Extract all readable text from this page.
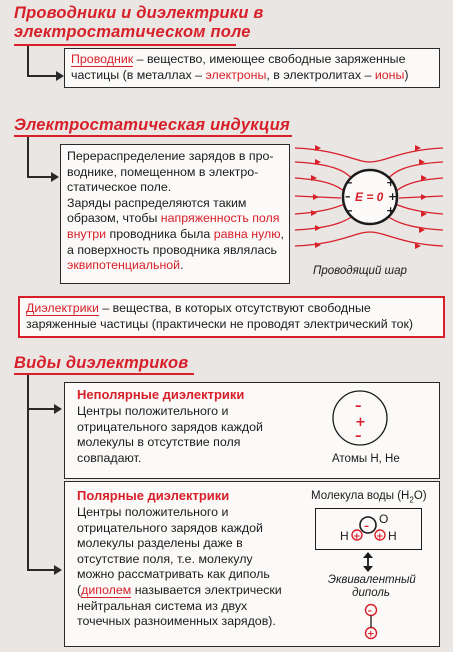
Проводники и диэлектрики в
электростатическом поле
Проводник – вещество, имеющее свободные заряженные
частицы (в металлах – электроны, в электролитах – ионы)
Электростатическая индукция
Перераспределение зарядов в про-
воднике, помещенном в электро-
статическое поле.
Заряды распределяются таким
образом, чтобы напряженность поля
внутри проводника была равна нулю,
а поверхность проводника являлась
эквипотенциальной.
–
–
–
+
+
+
E = 0
Проводящий шар
Диэлектрики – вещества, в которых отсутствуют свободные
заряженные частицы (практически не проводят электрический ток)
Виды диэлектриков
Неполярные диэлектрики
Центры положительного и
отрицательного зарядов каждой
молекулы в отсутствие поля
совпадают.
–
+
–
Атомы H, He
Полярные диэлектрики
Центры положительного и
отрицательного зарядов каждой
молекулы разделены даже в
отсутствие поля, т.е. молекулу
можно рассматривать как диполь
(диполем называется электрически
нейтральная система из двух
точечных разноименных зарядов).
Молекула воды $(H_2O)$
–
+ +
H
O
H
Эквивалентный
диполь
–
+
